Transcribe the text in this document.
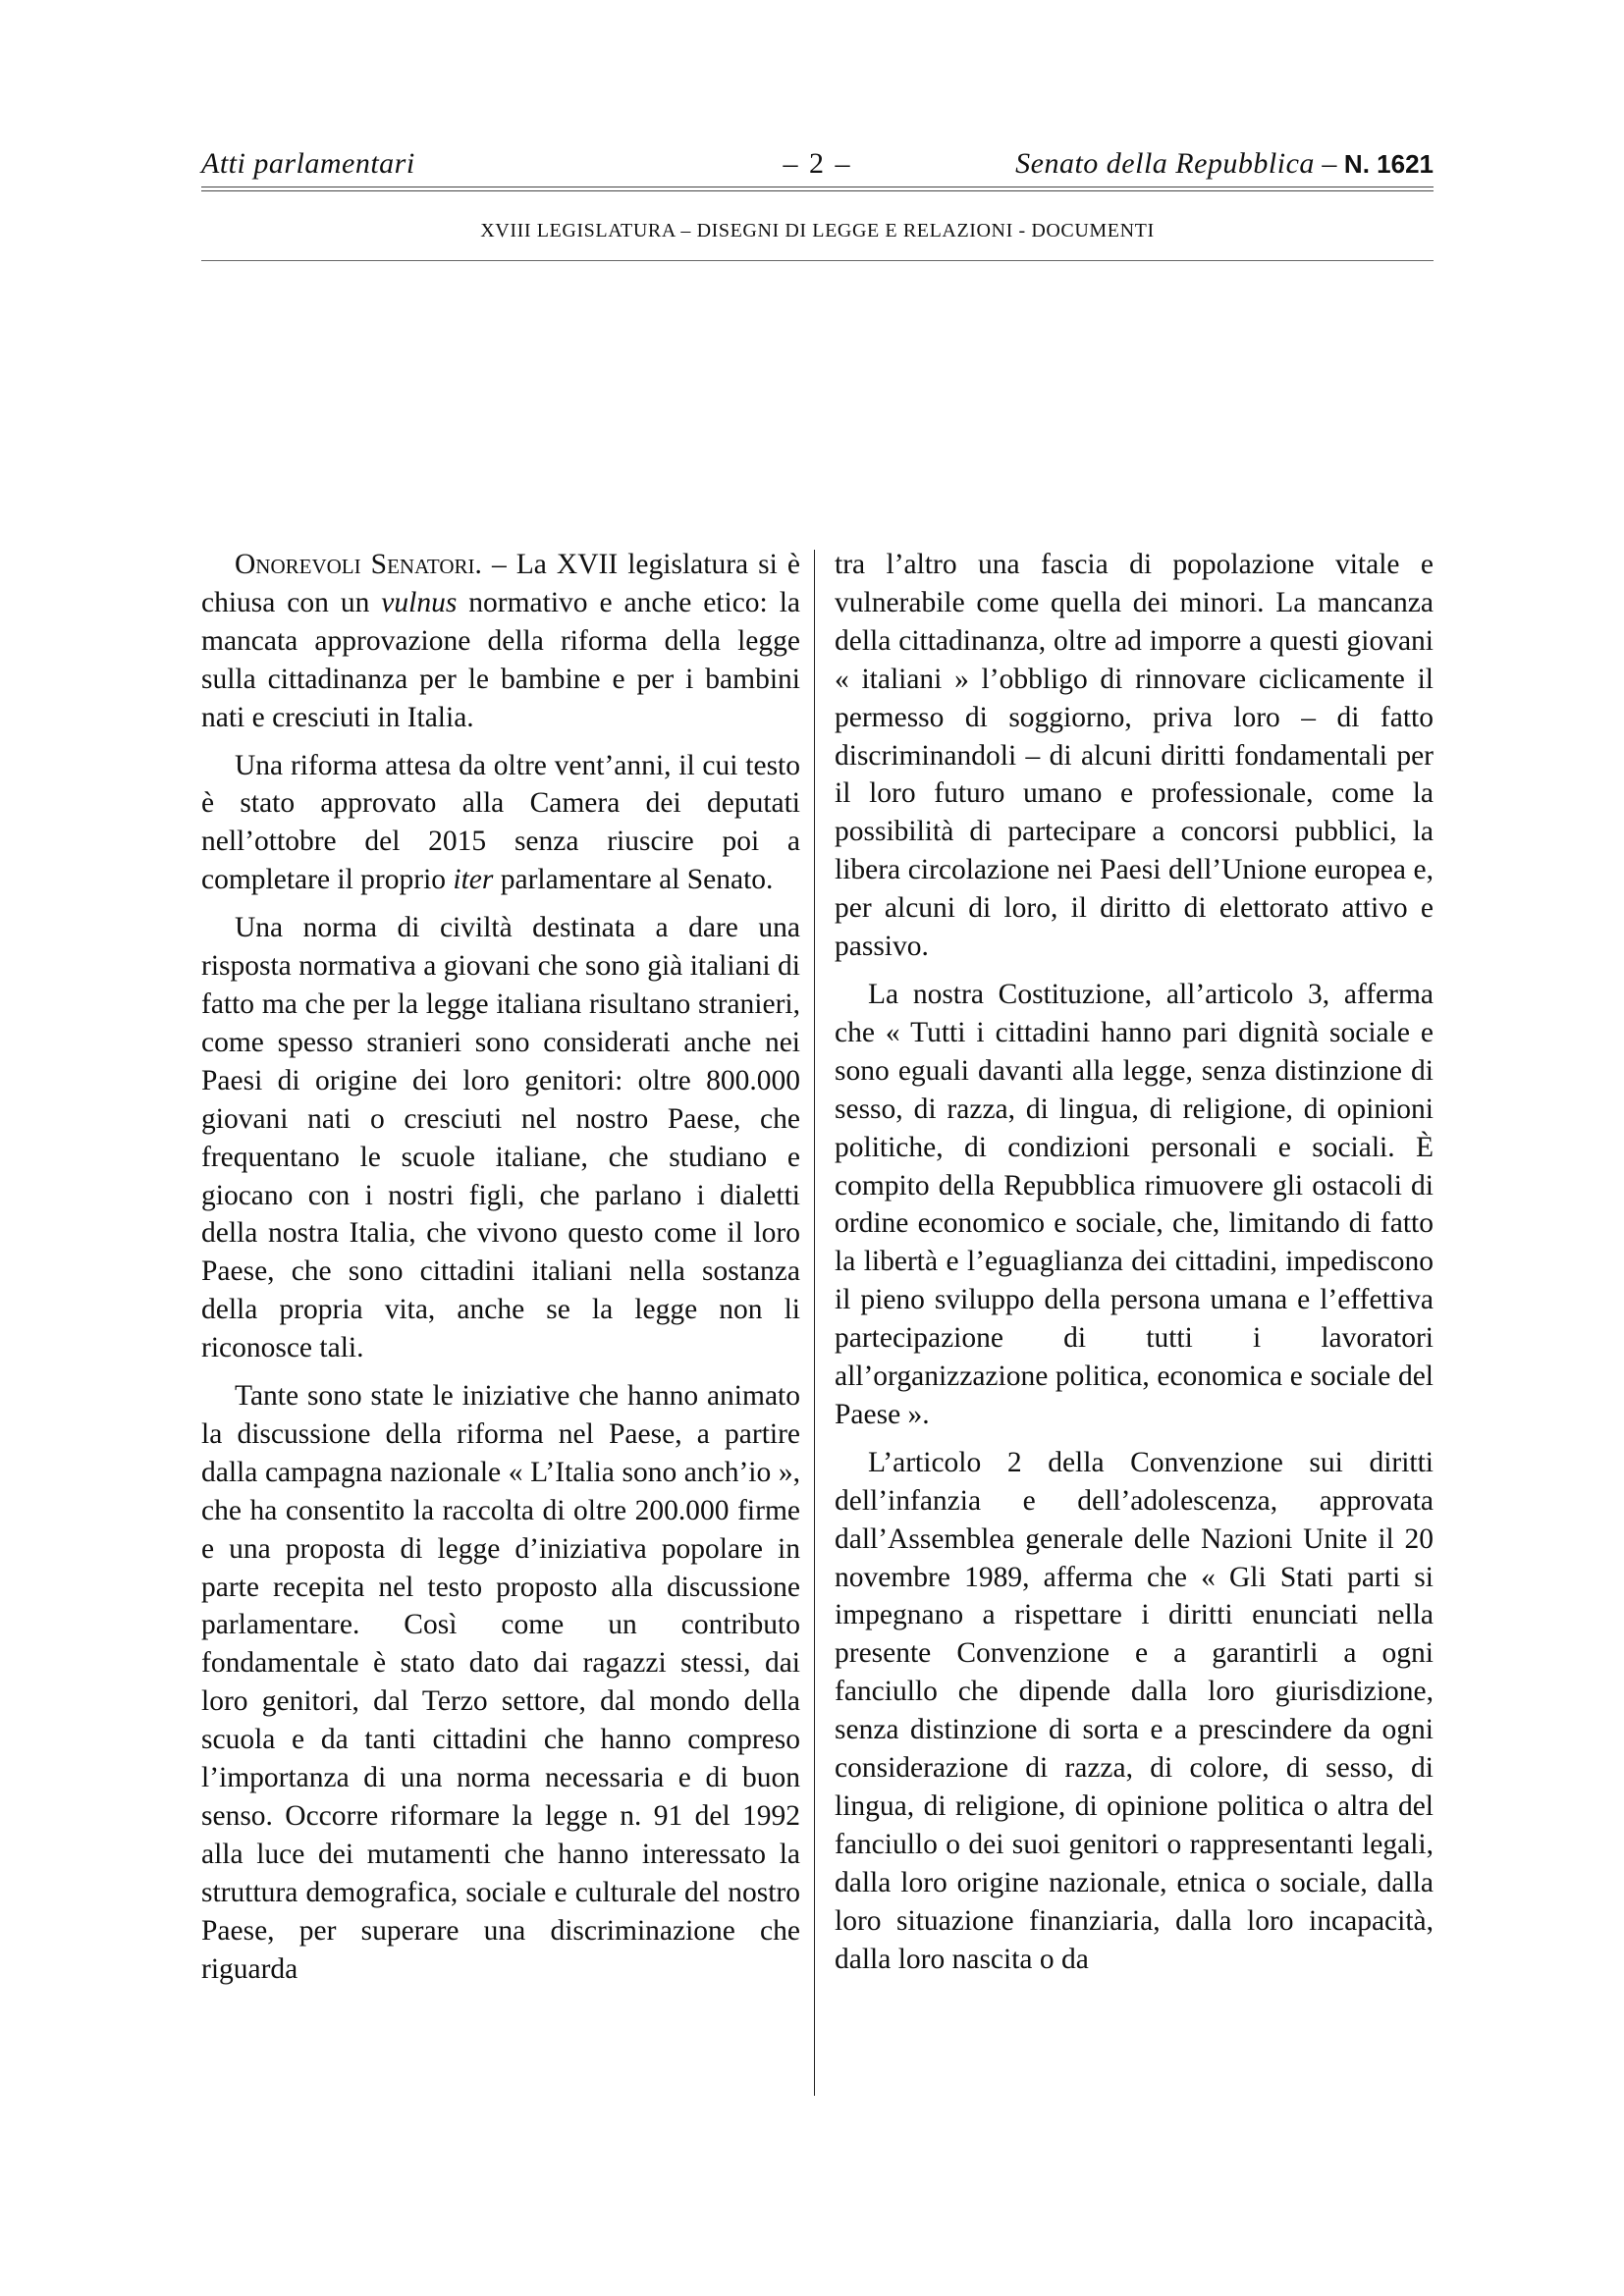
Atti parlamentari	– 2 –	Senato della Repubblica – N. 1621
XVIII LEGISLATURA – DISEGNI DI LEGGE E RELAZIONI - DOCUMENTI

Onorevoli Senatori. – La XVII legislatura si è chiusa con un vulnus normativo e anche etico: la mancata approvazione della riforma della legge sulla cittadinanza per le bambine e per i bambini nati e cresciuti in Italia.

Una riforma attesa da oltre vent’anni, il cui testo è stato approvato alla Camera dei deputati nell’ottobre del 2015 senza riuscire poi a completare il proprio iter parlamentare al Senato.

Una norma di civiltà destinata a dare una risposta normativa a giovani che sono già italiani di fatto ma che per la legge italiana risultano stranieri, come spesso stranieri sono considerati anche nei Paesi di origine dei loro genitori: oltre 800.000 giovani nati o cresciuti nel nostro Paese, che frequentano le scuole italiane, che studiano e giocano con i nostri figli, che parlano i dialetti della nostra Italia, che vivono questo come il loro Paese, che sono cittadini italiani nella sostanza della propria vita, anche se la legge non li riconosce tali.

Tante sono state le iniziative che hanno animato la discussione della riforma nel Paese, a partire dalla campagna nazionale « L’Italia sono anch’io », che ha consentito la raccolta di oltre 200.000 firme e una proposta di legge d’iniziativa popolare in parte recepita nel testo proposto alla discussione parlamentare. Così come un contributo fondamentale è stato dato dai ragazzi stessi, dai loro genitori, dal Terzo settore, dal mondo della scuola e da tanti cittadini che hanno compreso l’importanza di una norma necessaria e di buon senso. Occorre riformare la legge n. 91 del 1992 alla luce dei mutamenti che hanno interessato la struttura demografica, sociale e culturale del nostro Paese, per superare una discriminazione che riguarda

tra l’altro una fascia di popolazione vitale e vulnerabile come quella dei minori. La mancanza della cittadinanza, oltre ad imporre a questi giovani « italiani » l’obbligo di rinnovare ciclicamente il permesso di soggiorno, priva loro – di fatto discriminandoli – di alcuni diritti fondamentali per il loro futuro umano e professionale, come la possibilità di partecipare a concorsi pubblici, la libera circolazione nei Paesi dell’Unione europea e, per alcuni di loro, il diritto di elettorato attivo e passivo.

La nostra Costituzione, all’articolo 3, afferma che « Tutti i cittadini hanno pari dignità sociale e sono eguali davanti alla legge, senza distinzione di sesso, di razza, di lingua, di religione, di opinioni politiche, di condizioni personali e sociali. È compito della Repubblica rimuovere gli ostacoli di ordine economico e sociale, che, limitando di fatto la libertà e l’eguaglianza dei cittadini, impediscono il pieno sviluppo della persona umana e l’effettiva partecipazione di tutti i lavoratori all’organizzazione politica, economica e sociale del Paese ».

L’articolo 2 della Convenzione sui diritti dell’infanzia e dell’adolescenza, approvata dall’Assemblea generale delle Nazioni Unite il 20 novembre 1989, afferma che « Gli Stati parti si impegnano a rispettare i diritti enunciati nella presente Convenzione e a garantirli a ogni fanciullo che dipende dalla loro giurisdizione, senza distinzione di sorta e a prescindere da ogni considerazione di razza, di colore, di sesso, di lingua, di religione, di opinione politica o altra del fanciullo o dei suoi genitori o rappresentanti legali, dalla loro origine nazionale, etnica o sociale, dalla loro situazione finanziaria, dalla loro incapacità, dalla loro nascita o da
